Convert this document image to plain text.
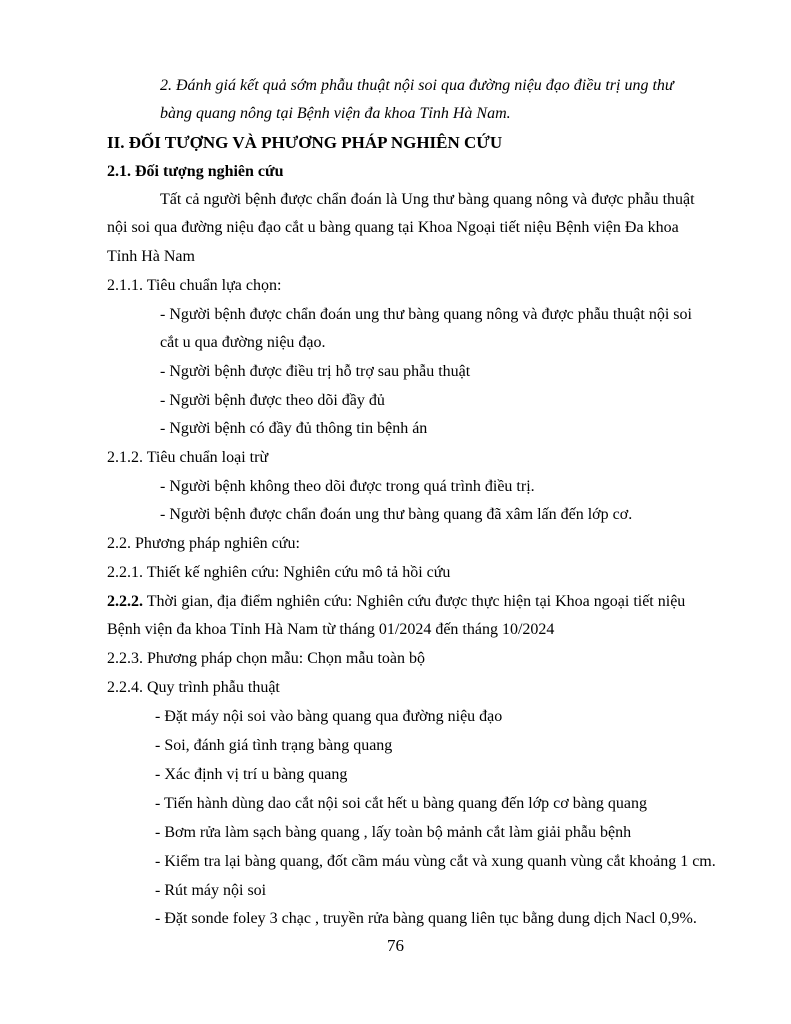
2. Đánh giá kết quả sớm phẫu thuật nội soi qua đường niệu đạo điều trị ung thư
bàng quang nông tại Bệnh viện đa khoa Tỉnh Hà Nam.
II. ĐỐI TƯỢNG VÀ PHƯƠNG PHÁP NGHIÊN CỨU
2.1. Đối tượng nghiên cứu
Tất cả người bệnh được chẩn đoán là Ung thư bàng quang nông và được phẫu thuật
nội soi qua đường niệu đạo cắt u bàng quang tại Khoa Ngoại tiết niệu Bệnh viện Đa khoa
Tỉnh Hà Nam
2.1.1. Tiêu chuẩn lựa chọn:
- Người bệnh được chẩn đoán ung thư bàng quang nông và được phẫu thuật nội soi
cắt u qua đường niệu đạo.
- Người bệnh được điều trị hỗ trợ sau phẫu thuật
- Người bệnh được theo dõi đầy đủ
- Người bệnh có đầy đủ thông tin bệnh án
2.1.2. Tiêu chuẩn loại trừ
- Người bệnh không theo dõi được trong quá trình điều trị.
- Người bệnh được chẩn đoán ung thư bàng quang đã xâm lấn đến lớp cơ.
2.2. Phương pháp nghiên cứu:
2.2.1. Thiết kế nghiên cứu: Nghiên cứu mô tả hồi cứu
2.2.2. Thời gian, địa điểm nghiên cứu: Nghiên cứu được thực hiện tại Khoa ngoại tiết niệu
Bệnh viện đa khoa Tỉnh Hà Nam từ tháng 01/2024 đến tháng 10/2024
2.2.3. Phương pháp chọn mẫu: Chọn mẫu toàn bộ
2.2.4. Quy trình phẫu thuật
- Đặt máy nội soi vào bàng quang qua đường niệu đạo
- Soi, đánh giá tình trạng bàng quang
- Xác định vị trí u bàng quang
- Tiến hành dùng dao cắt nội soi cắt hết u bàng quang đến lớp cơ bàng quang
- Bơm rửa làm sạch bàng quang , lấy toàn bộ mảnh cắt làm giải phẫu bệnh
- Kiểm tra lại bàng quang, đốt cầm máu vùng cắt và xung quanh vùng cắt khoảng 1 cm.
- Rút máy nội soi
- Đặt sonde foley 3 chạc , truyền rửa bàng quang liên tục bằng dung dịch Nacl 0,9%.
76
